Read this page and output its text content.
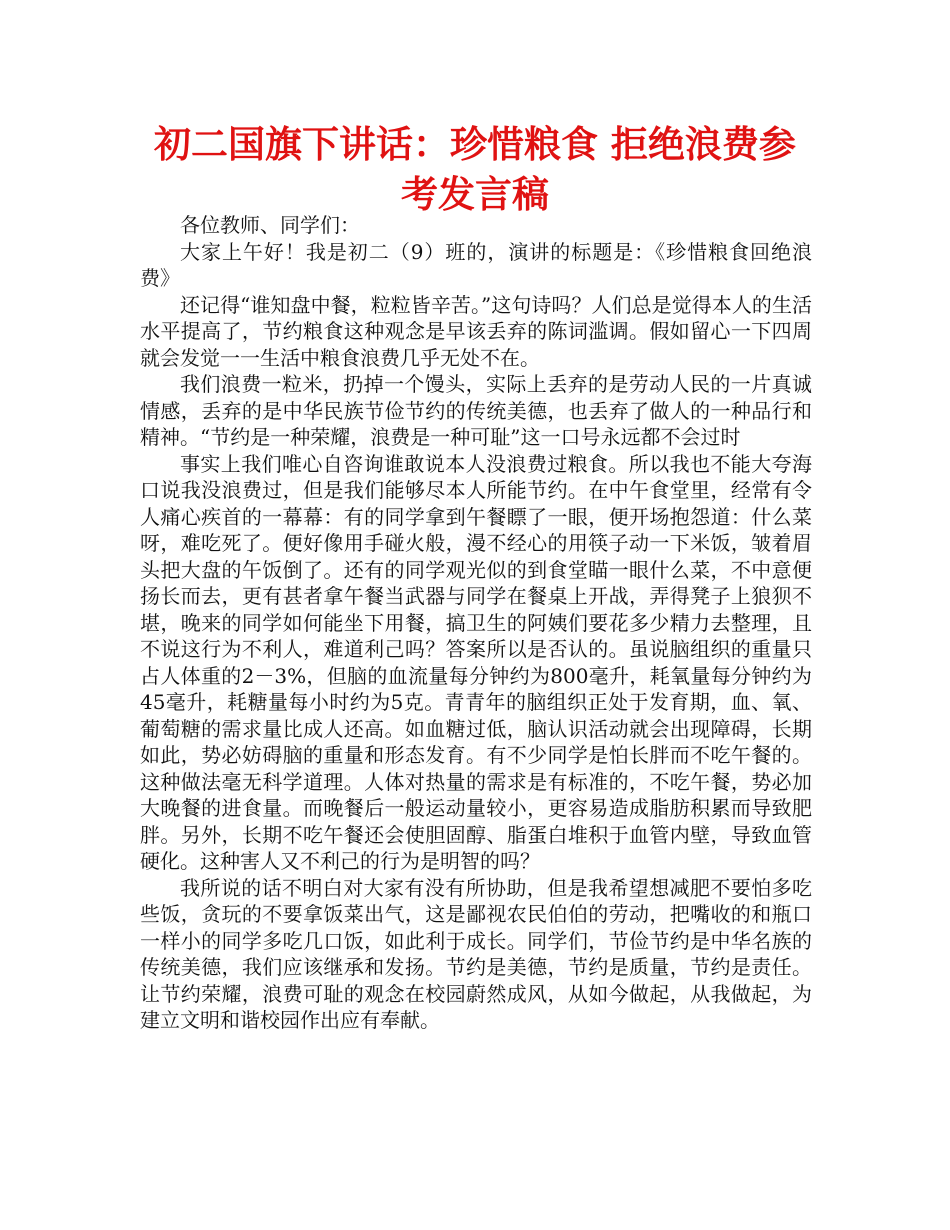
初二国旗下讲话：珍惜粮食 拒绝浪费参考发言稿

各位教师、同学们：

大家上午好！我是初二（9）班的，演讲的标题是：《珍惜粮食回绝浪费》

还记得“谁知盘中餐，粒粒皆辛苦。”这句诗吗？人们总是觉得本人的生活水平提高了，节约粮食这种观念是早该丢弃的陈词滥调。假如留心一下四周就会发觉一一生活中粮食浪费几乎无处不在。

我们浪费一粒米，扔掉一个馒头，实际上丢弃的是劳动人民的一片真诚情感，丢弃的是中华民族节俭节约的传统美德，也丢弃了做人的一种品行和精神。“节约是一种荣耀，浪费是一种可耻”这一口号永远都不会过时

事实上我们唯心自咨询谁敢说本人没浪费过粮食。所以我也不能大夸海口说我没浪费过，但是我们能够尽本人所能节约。在中午食堂里，经常有令人痛心疾首的一幕幕：有的同学拿到午餐瞟了一眼，便开场抱怨道：什么菜呀，难吃死了。便好像用手碰火般，漫不经心的用筷子动一下米饭，皱着眉头把大盘的午饭倒了。还有的同学观光似的到食堂瞄一眼什么菜，不中意便扬长而去，更有甚者拿午餐当武器与同学在餐桌上开战，弄得凳子上狼狈不堪，晚来的同学如何能坐下用餐，搞卫生的阿姨们要花多少精力去整理，且不说这行为不利人，难道利己吗？答案所以是否认的。虽说脑组织的重量只占人体重的2－3%，但脑的血流量每分钟约为800毫升，耗氧量每分钟约为45毫升，耗糖量每小时约为5克。青青年的脑组织正处于发育期，血、氧、葡萄糖的需求量比成人还高。如血糖过低，脑认识活动就会出现障碍，长期如此，势必妨碍脑的重量和形态发育。有不少同学是怕长胖而不吃午餐的。这种做法毫无科学道理。人体对热量的需求是有标准的，不吃午餐，势必加大晚餐的进食量。而晚餐后一般运动量较小，更容易造成脂肪积累而导致肥胖。另外，长期不吃午餐还会使胆固醇、脂蛋白堆积于血管内壁，导致血管硬化。这种害人又不利己的行为是明智的吗？

我所说的话不明白对大家有没有所协助，但是我希望想减肥不要怕多吃些饭，贪玩的不要拿饭菜出气，这是鄙视农民伯伯的劳动，把嘴收的和瓶口一样小的同学多吃几口饭，如此利于成长。同学们，节俭节约是中华名族的传统美德，我们应该继承和发扬。节约是美德，节约是质量，节约是责任。让节约荣耀，浪费可耻的观念在校园蔚然成风，从如今做起，从我做起，为建立文明和谐校园作出应有奉献。
